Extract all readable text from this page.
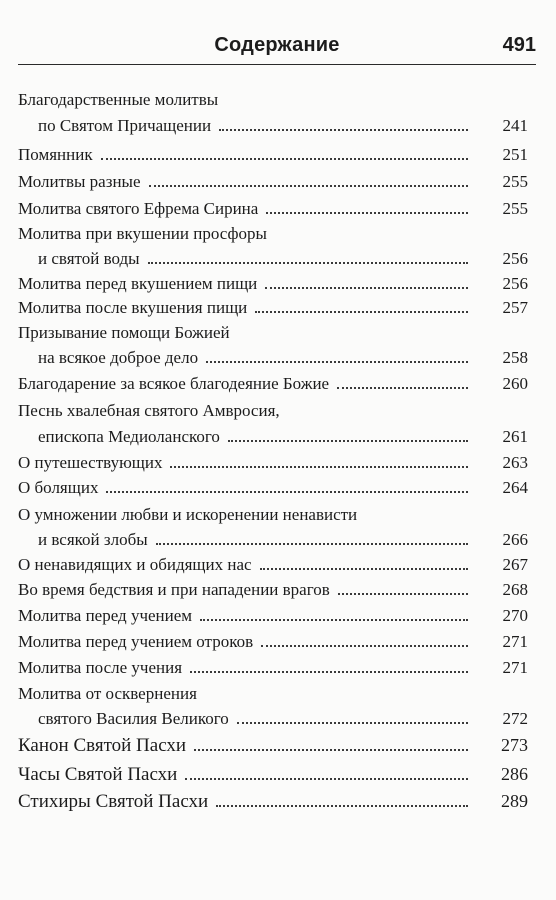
Содержание	491
Благодарственные молитвы
по Святом Причащении	241
Помянник	251
Молитвы разные	255
Молитва святого Ефрема Сирина	255
Молитва при вкушении просфоры
и святой воды	256
Молитва перед вкушением пищи	256
Молитва после вкушения пищи	257
Призывание помощи Божией
на всякое доброе дело	258
Благодарение за всякое благодеяние Божие	260
Песнь хвалебная святого Амвросия,
епископа Медиоланского	261
О путешествующих	263
О болящих	264
О умножении любви и искоренении ненависти
и всякой злобы	266
О ненавидящих и обидящих нас	267
Во время бедствия и при нападении врагов	268
Молитва перед учением	270
Молитва перед учением отроков	271
Молитва после учения	271
Молитва от осквернения
святого Василия Великого	272
Канон Святой Пасхи	273
Часы Святой Пасхи	286
Стихиры Святой Пасхи	289
